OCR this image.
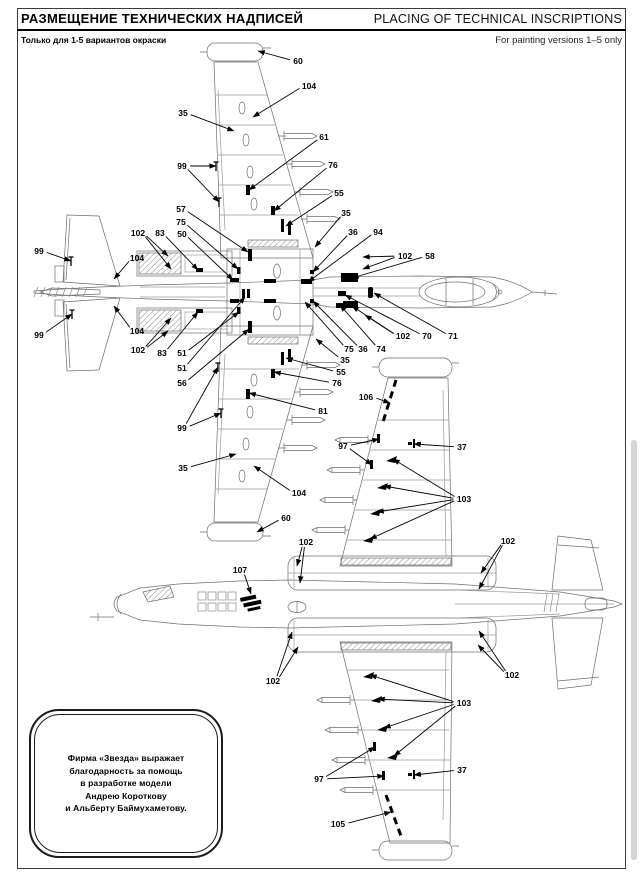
РАЗМЕЩЕНИЕ ТЕХНИЧЕСКИХ НАДПИСЕЙ	PLACING OF TECHNICAL INSCRIPTIONS
Только для 1-5 вариантов окраски	For painting versions 1–5 only
60
104
35
61
76
55
99
57
75
50
102 83
99
104
99	104
102 83 51
51
56
35
36 94
102 58
102 70 71
75 36 74
35
55
76
81
99
35
104
60
106
97	37
103
102	102
107
102
102
103
97
37
105
Фирма «Звезда» выражает
благодарность за помощь
в разработке модели
Андрею Короткову
и Альберту Баймухаметову.
